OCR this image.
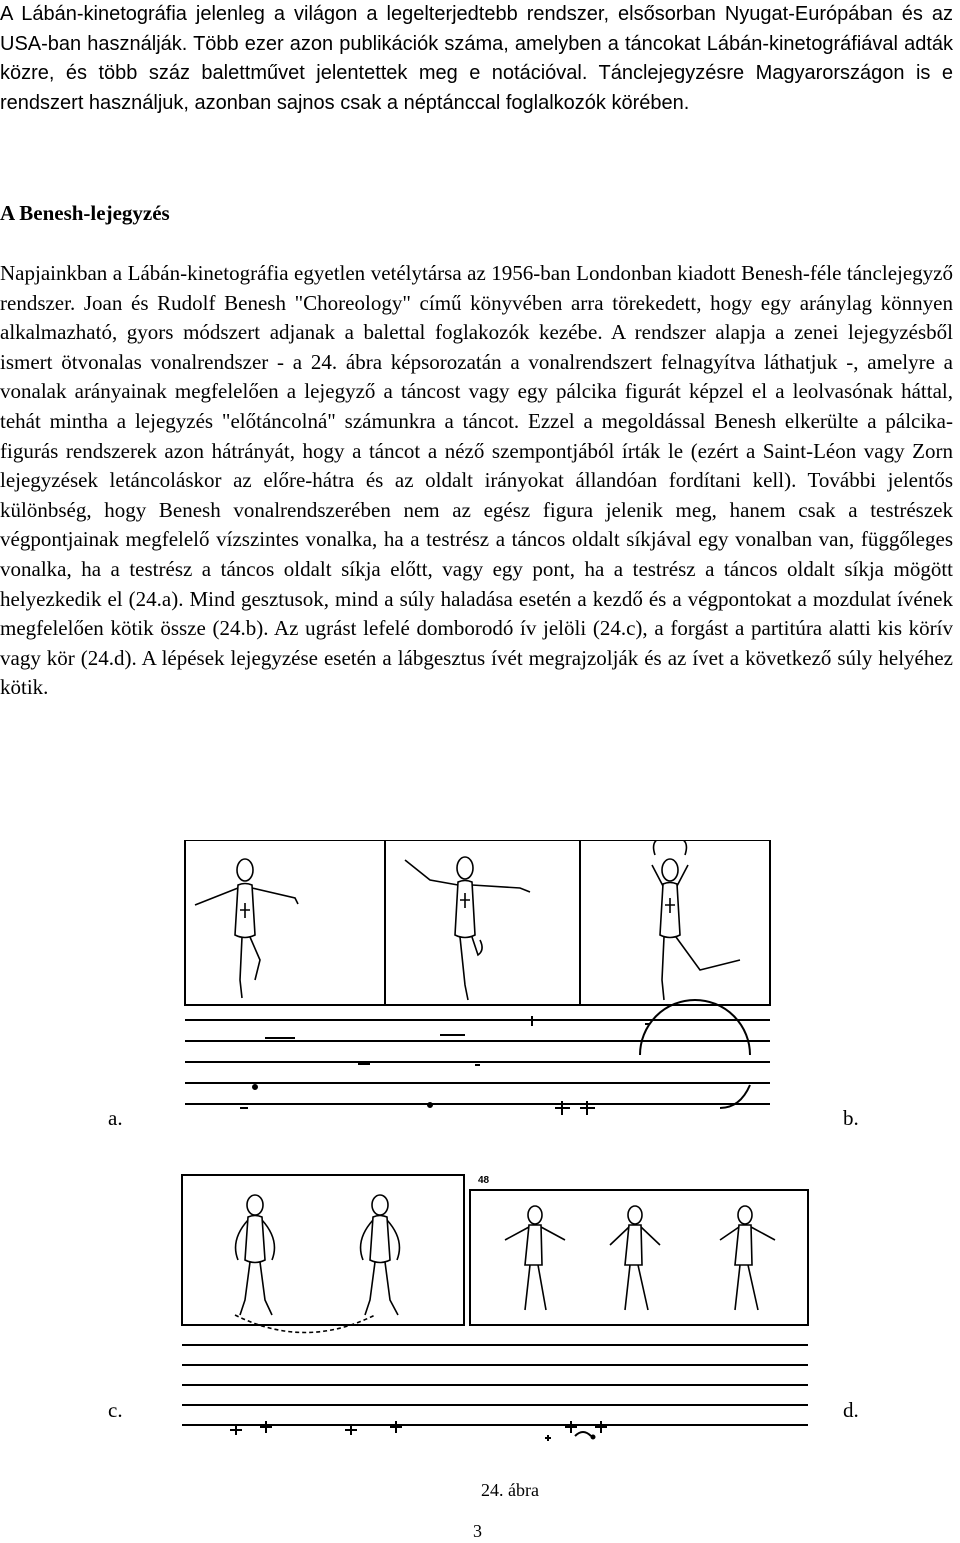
A Lábán-kinetográfia jelenleg a világon a legelterjedtebb rendszer, elsősorban Nyugat-Európában és az USA-ban használják. Több ezer azon publikációk száma, amelyben a táncokat Lábán-kinetográfiával adták közre, és több száz balettművet jelentettek meg e notációval. Tánclejegyzésre Magyarországon is e rendszert használjuk, azonban sajnos csak a néptánccal foglalkozók körében.
A Benesh-lejegyzés
Napjainkban a Lábán-kinetográfia egyetlen vetélytársa az 1956-ban Londonban kiadott Benesh-féle tánclejegyző rendszer. Joan és Rudolf Benesh "Choreology" című könyvében arra törekedett, hogy egy aránylag könnyen alkalmazható, gyors módszert adjanak a balettal foglakozók kezébe. A rendszer alapja a zenei lejegyzésből ismert ötvonalas vonalrendszer - a 24. ábra képsorozatán a vonalrendszert felnagyítva láthatjuk -, amelyre a vonalak arányainak megfelelően a lejegyző a táncost vagy egy pálcika figurát képzel el a leolvasónak háttal, tehát mintha a lejegyzés "előtáncolná" számunkra a táncot. Ezzel a megoldással Benesh elkerülte a pálcika-figurás rendszerek azon hátrányát, hogy a táncot a néző szempontjából írták le (ezért a Saint-Léon vagy Zorn lejegyzések letáncoláskor az előre-hátra és az oldalt irányokat állandóan fordítani kell). További jelentős különbség, hogy Benesh vonalrendszerében nem az egész figura jelenik meg, hanem csak a testrészek végpontjainak megfelelő vízszintes vonalka, ha a testrész a táncos oldalt síkjával egy vonalban van, függőleges vonalka, ha a testrész a táncos oldalt síkja előtt, vagy egy pont, ha a testrész a táncos oldalt síkja mögött helyezkedik el (24.a). Mind gesztusok, mind a súly haladása esetén a kezdő és a végpontokat a mozdulat ívének megfelelően kötik össze (24.b). Az ugrást lefelé domborodó ív jelöli (24.c), a forgást a partitúra alatti kis körív vagy kör (24.d). A lépések lejegyzése esetén a lábgesztus ívét megrajzolják és az ívet a következő súly helyéhez kötik.
a.	b.
48
c.	d.
24. ábra
3
